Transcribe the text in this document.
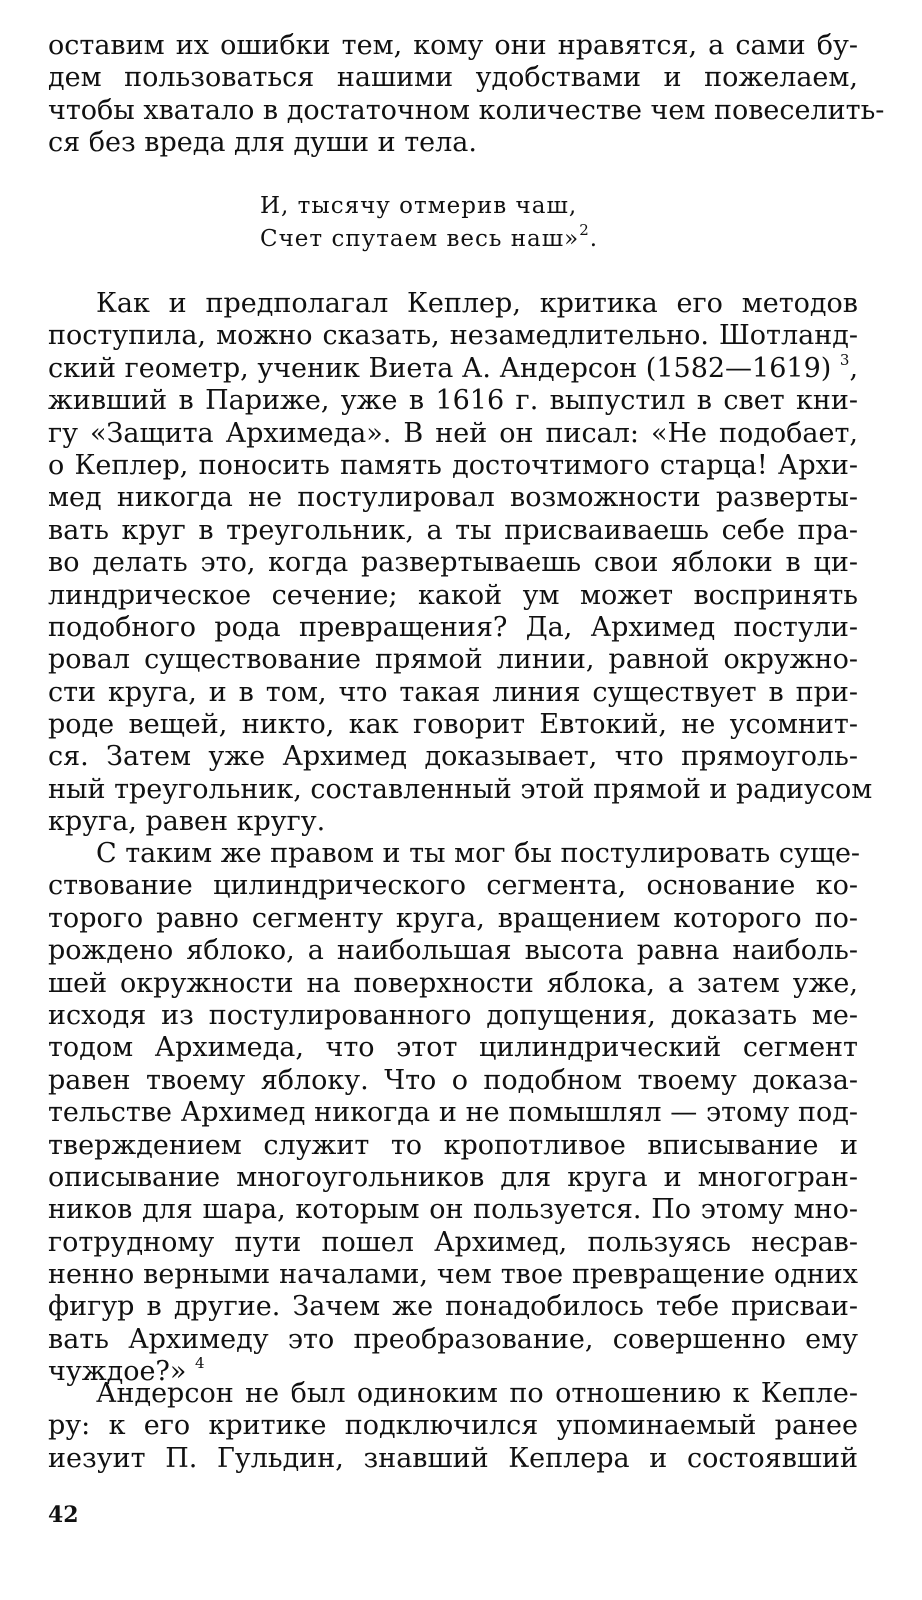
оставим их ошибки тем, кому они нравятся, а сами бу-
дем пользоваться нашими удобствами и пожелаем,
чтобы хватало в достаточном количестве чем повеселить-
ся без вреда для души и тела.
И, тысячу отмерив чаш,
Счет спутаем весь наш»$^2$.
Как и предполагал Кеплер, критика его методов
поступила, можно сказать, незамедлительно. Шотланд-
ский геометр, ученик Виета А. Андерсон (1582—1619) $^3$,
живший в Париже, уже в 1616 г. выпустил в свет кни-
гу «Защита Архимеда». В ней он писал: «Не подобает,
о Кеплер, поносить память досточтимого старца! Архи-
мед никогда не постулировал возможности разверты-
вать круг в треугольник, а ты присваиваешь себе пра-
во делать это, когда развертываешь свои яблоки в ци-
линдрическое сечение; какой ум может воспринять
подобного рода превращения? Да, Архимед постули-
ровал существование прямой линии, равной окружно-
сти круга, и в том, что такая линия существует в при-
роде вещей, никто, как говорит Евтокий, не усомнит-
ся. Затем уже Архимед доказывает, что прямоуголь-
ный треугольник, составленный этой прямой и радиусом
круга, равен кругу.
С таким же правом и ты мог бы постулировать суще-
ствование цилиндрического сегмента, основание ко-
торого равно сегменту круга, вращением которого по-
рождено яблоко, а наибольшая высота равна наиболь-
шей окружности на поверхности яблока, а затем уже,
исходя из постулированного допущения, доказать ме-
тодом Архимеда, что этот цилиндрический сегмент
равен твоему яблоку. Что о подобном твоему доказа-
тельстве Архимед никогда и не помышлял — этому под-
тверждением служит то кропотливое вписывание и
описывание многоугольников для круга и многогран-
ников для шара, которым он пользуется. По этому мно-
готрудному пути пошел Архимед, пользуясь несрав-
ненно верными началами, чем твое превращение одних
фигур в другие. Зачем же понадобилось тебе присваи-
вать Архимеду это преобразование, совершенно ему
чуждое?» $^4$
Андерсон не был одиноким по отношению к Кепле-
ру: к его критике подключился упоминаемый ранее
иезуит П. Гульдин, знавший Кеплера и состоявший
42
